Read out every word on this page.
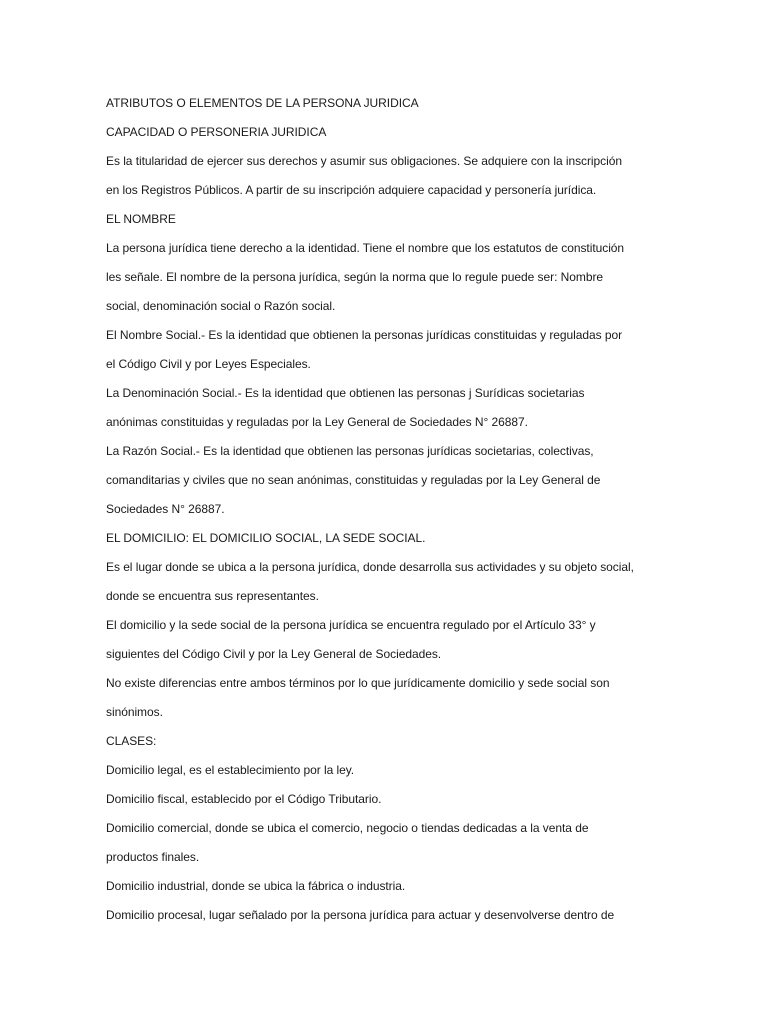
ATRIBUTOS O ELEMENTOS DE LA PERSONA JURIDICA
CAPACIDAD O PERSONERIA JURIDICA
Es la titularidad de ejercer sus derechos y asumir sus obligaciones. Se adquiere con la inscripción
en los Registros Públicos. A partir de su inscripción adquiere capacidad y personería jurídica.
EL NOMBRE
La persona jurídica tiene derecho a la identidad. Tiene el nombre que los estatutos de constitución
les señale. El nombre de la persona jurídica, según la norma que lo regule puede ser: Nombre
social, denominación social o Razón social.
El Nombre Social.- Es la identidad que obtienen la personas jurídicas constituidas y reguladas por
el Código Civil y por Leyes Especiales.
La Denominación Social.- Es la identidad que obtienen las personas j Surídicas societarias
anónimas constituidas y reguladas por la Ley General de Sociedades N° 26887.
La Razón Social.- Es la identidad que obtienen las personas jurídicas societarias, colectivas,
comanditarias y civiles que no sean anónimas, constituidas y reguladas por la Ley General de
Sociedades N° 26887.
EL DOMICILIO: EL DOMICILIO SOCIAL, LA SEDE SOCIAL.
Es el lugar donde se ubica a la persona jurídica, donde desarrolla sus actividades y su objeto social,
donde se encuentra sus representantes.
El domicilio y la sede social de la persona jurídica se encuentra regulado por el Artículo 33° y
siguientes del Código Civil y por la Ley General de Sociedades.
No existe diferencias entre ambos términos por lo que jurídicamente domicilio y sede social son
sinónimos.
CLASES:
Domicilio legal, es el establecimiento por la ley.
Domicilio fiscal, establecido por el Código Tributario.
Domicilio comercial, donde se ubica el comercio, negocio o tiendas dedicadas a la venta de
productos finales.
Domicilio industrial, donde se ubica la fábrica o industria.
Domicilio procesal, lugar señalado por la persona jurídica para actuar y desenvolverse dentro de
